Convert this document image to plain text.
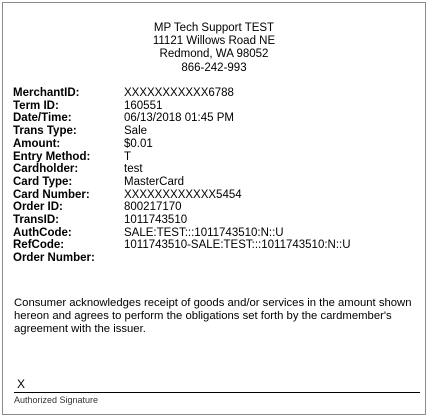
MP Tech Support TEST
11121 Willows Road NE
Redmond, WA 98052
866-242-993
MerchantID:	XXXXXXXXXXX6788
Term ID:	160551
Date/Time:	06/13/2018 01:45 PM
Trans Type:	Sale
Amount:	$0.01
Entry Method:	T
Cardholder:	test
Card Type:	MasterCard
Card Number:	XXXXXXXXXXXX5454
Order ID:	800217170
TransID:	1011743510
AuthCode:	SALE:TEST:::1011743510:N::U
RefCode:	1011743510-SALE:TEST:::1011743510:N::U
Order Number:
Consumer acknowledges receipt of goods and/or services in the amount shown hereon and agrees to perform the obligations set forth by the cardmember's agreement with the issuer.
X
Authorized Signature
